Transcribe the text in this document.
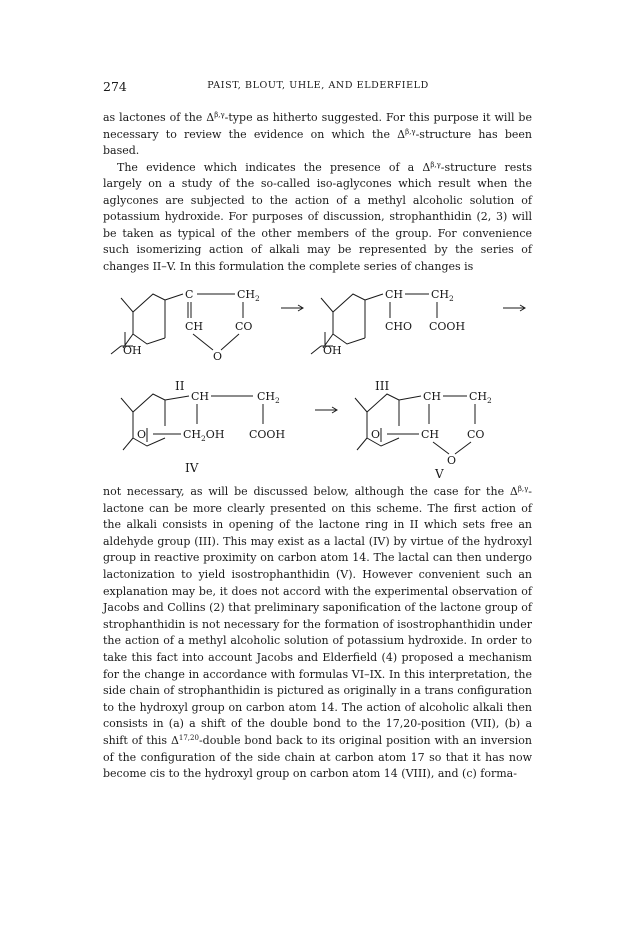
274	PAIST, BLOUT, UHLE, AND ELDERFIELD

as lactones of the $\Delta^{\beta,\gamma}$-type as hitherto suggested. For this purpose it will be necessary to review the evidence on which the $\Delta^{\beta,\gamma}$-structure has been based.

The evidence which indicates the presence of a $\Delta^{\beta,\gamma}$-structure rests largely on a study of the so-called iso-aglycones which result when the aglycones are subjected to the action of a methyl alcoholic solution of potassium hydroxide. For purposes of discussion, strophanthidin (2, 3) will be taken as typical of the other members of the group. For convenience such isomerizing action of alkali may be represented by the series of changes II–V. In this formulation the complete series of changes is

C	$CH_2$
CH	CO
O
OH
II
CH	$CH_2$
CHO COOH
OH
III
O
CH	$CH_2$
$CH_2OH$ COOH
IV
O
CH	$CH_2$
CH	CO
O
V

not necessary, as will be discussed below, although the case for the $\Delta^{\beta,\gamma}$-lactone can be more clearly presented on this scheme. The first action of the alkali consists in opening of the lactone ring in II which sets free an aldehyde group (III). This may exist as a lactal (IV) by virtue of the hydroxyl group in reactive proximity on carbon atom 14. The lactal can then undergo lactonization to yield isostrophanthidin (V). However convenient such an explanation may be, it does not accord with the experimental observation of Jacobs and Collins (2) that preliminary saponification of the lactone group of strophanthidin is not necessary for the formation of isostrophanthidin under the action of a methyl alcoholic solution of potassium hydroxide. In order to take this fact into account Jacobs and Elderfield (4) proposed a mechanism for the change in accordance with formulas VI–IX. In this interpretation, the side chain of strophanthidin is pictured as originally in a trans configuration to the hydroxyl group on carbon atom 14. The action of alcoholic alkali then consists in (a) a shift of the double bond to the 17,20-position (VII), (b) a shift of this Δ$^{17,20}$-double bond back to its original position with an inversion of the configuration of the side chain at carbon atom 17 so that it has now become cis to the hydroxyl group on carbon atom 14 (VIII), and (c) forma-
